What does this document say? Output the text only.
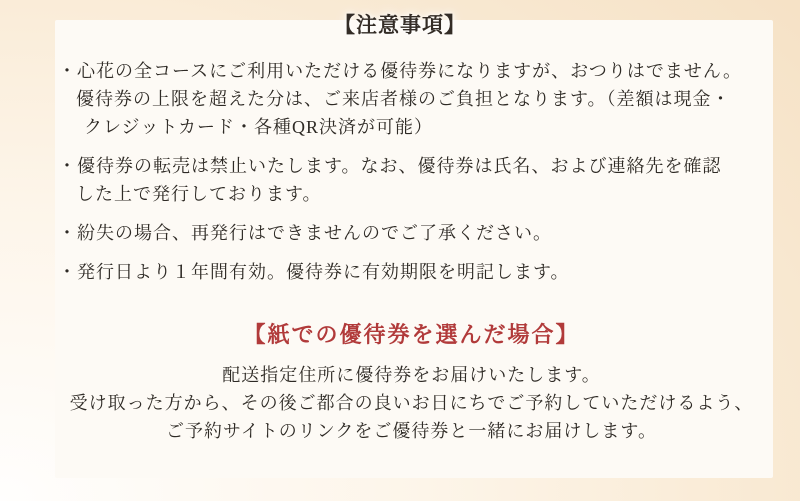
【注意事項】

・心花の全コースにご利用いただける優待券になりますが、おつりはでません。
優待券の上限を超えた分は、ご来店者様のご負担となります。（差額は現金・
クレジットカード・各種QR決済が可能）

・優待券の転売は禁止いたします。なお、優待券は氏名、および連絡先を確認
した上で発行しております。

・紛失の場合、再発行はできませんのでご了承ください。

・発行日より１年間有効。優待券に有効期限を明記します。

【紙での優待券を選んだ場合】

配送指定住所に優待券をお届けいたします。
受け取った方から、その後ご都合の良いお日にちでご予約していただけるよう、
ご予約サイトのリンクをご優待券と一緒にお届けします。
